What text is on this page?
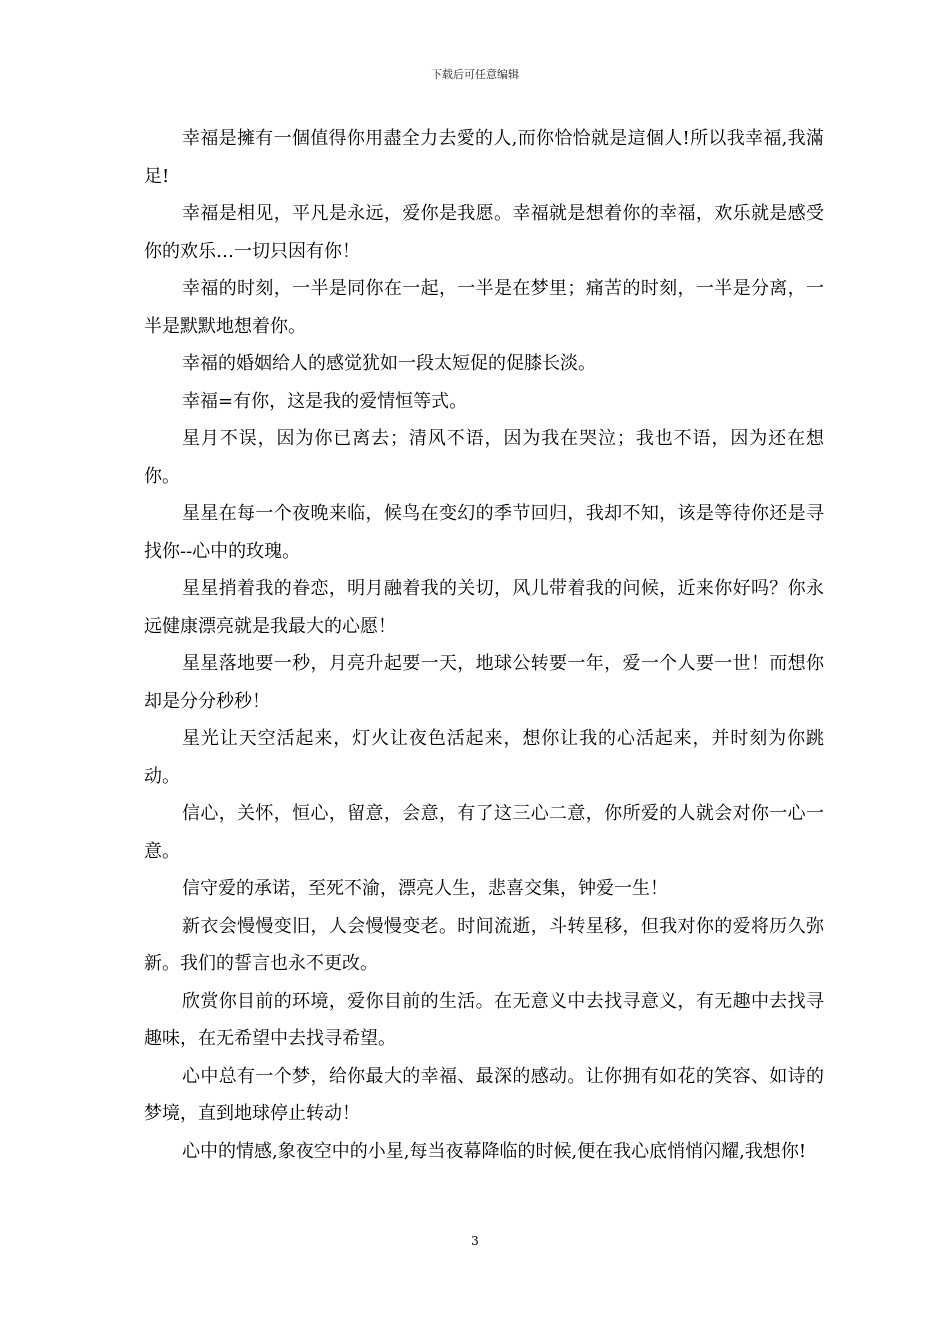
下载后可任意编辑

幸福是擁有一個值得你用盡全力去愛的人,而你恰恰就是這個人!所以我幸福,我滿足!

幸福是相见，平凡是永远，爱你是我愿。幸福就是想着你的幸福，欢乐就是感受你的欢乐…一切只因有你！

幸福的时刻，一半是同你在一起，一半是在梦里；痛苦的时刻，一半是分离，一半是默默地想着你。

幸福的婚姻给人的感觉犹如一段太短促的促膝长淡。

幸福=有你，这是我的爱情恒等式。

星月不误，因为你已离去；清风不语，因为我在哭泣；我也不语，因为还在想你。

星星在每一个夜晚来临，候鸟在变幻的季节回归，我却不知，该是等待你还是寻找你--心中的玫瑰。

星星捎着我的眷恋，明月融着我的关切，风儿带着我的问候，近来你好吗？你永远健康漂亮就是我最大的心愿！

星星落地要一秒，月亮升起要一天，地球公转要一年，爱一个人要一世！而想你却是分分秒秒！

星光让天空活起来，灯火让夜色活起来，想你让我的心活起来，并时刻为你跳动。

信心，关怀，恒心，留意，会意，有了这三心二意，你所爱的人就会对你一心一意。

信守爱的承诺，至死不渝，漂亮人生，悲喜交集，钟爱一生！

新衣会慢慢变旧，人会慢慢变老。时间流逝，斗转星移，但我对你的爱将历久弥新。我们的誓言也永不更改。

欣赏你目前的环境，爱你目前的生活。在无意义中去找寻意义，有无趣中去找寻趣味，在无希望中去找寻希望。

心中总有一个梦，给你最大的幸福、最深的感动。让你拥有如花的笑容、如诗的梦境，直到地球停止转动！

心中的情感,象夜空中的小星,每当夜幕降临的时候,便在我心底悄悄闪耀,我想你!

3
